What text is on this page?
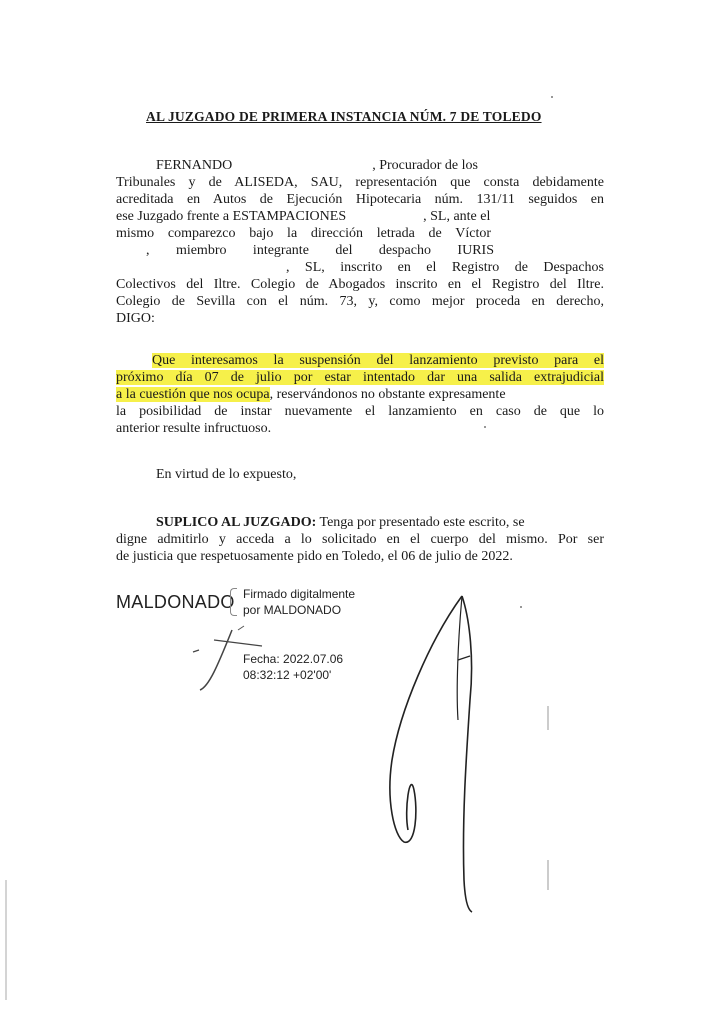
AL JUZGADO DE PRIMERA INSTANCIA NÚM. 7 DE TOLEDO
FERNANDO                                        , Procurador de los
Tribunales y de ALISEDA, SAU, representación que consta debidamente
acreditada en Autos de Ejecución Hipotecaria núm. 131/11 seguidos en
ese Juzgado frente a ESTAMPACIONES                      , SL, ante el
mismo comparezco bajo la dirección letrada de Víctor
, miembro integrante del despacho IURIS
, SL, inscrito en el Registro de Despachos
Colectivos del Iltre. Colegio de Abogados inscrito en el Registro del Iltre.
Colegio de Sevilla con el núm. 73, y, como mejor proceda en derecho,
DIGO:
Que interesamos la suspensión del lanzamiento previsto para el
próximo día 07 de julio por estar intentado dar una salida extrajudicial
a la cuestión que nos ocupa, reservándonos no obstante expresamente
la posibilidad de instar nuevamente el lanzamiento en caso de que lo
anterior resulte infructuoso.
En virtud de lo expuesto,
SUPLICO AL JUZGADO: Tenga por presentado este escrito, se
digne admitirlo y acceda a lo solicitado en el cuerpo del mismo. Por ser
de justicia que respetuosamente pido en Toledo, el 06 de julio de 2022.
MALDONADO Firmado digitalmente
por MALDONADO
Fecha: 2022.07.06
08:32:12 +02'00'
